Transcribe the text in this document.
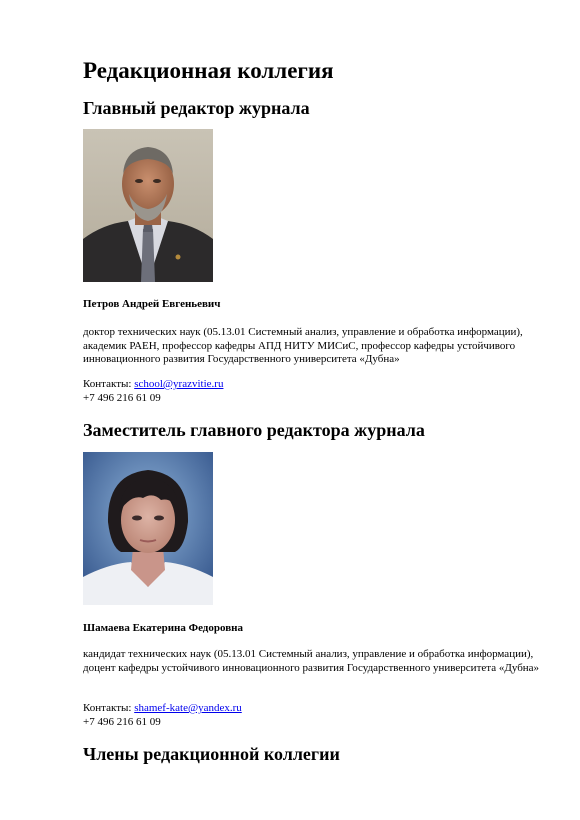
Редакционная коллегия
Главный редактор журнала

Петров Андрей Евгеньевич

доктор технических наук (05.13.01 Системный анализ, управление и обработка информации), академик РАЕН, профессор кафедры АПД НИТУ МИСиС, профессор кафедры устойчивого инновационного развития Государственного университета «Дубна»

Контакты: school@yrazvitie.ru
+7 496 216 61 09
Заместитель главного редактора журнала

Шамаева Екатерина Федоровна

кандидат технических наук (05.13.01 Системный анализ, управление и обработка информации), доцент кафедры устойчивого инновационного развития Государственного университета «Дубна»

Контакты: shamef-kate@yandex.ru
+7 496 216 61 09
Члены редакционной коллегии
